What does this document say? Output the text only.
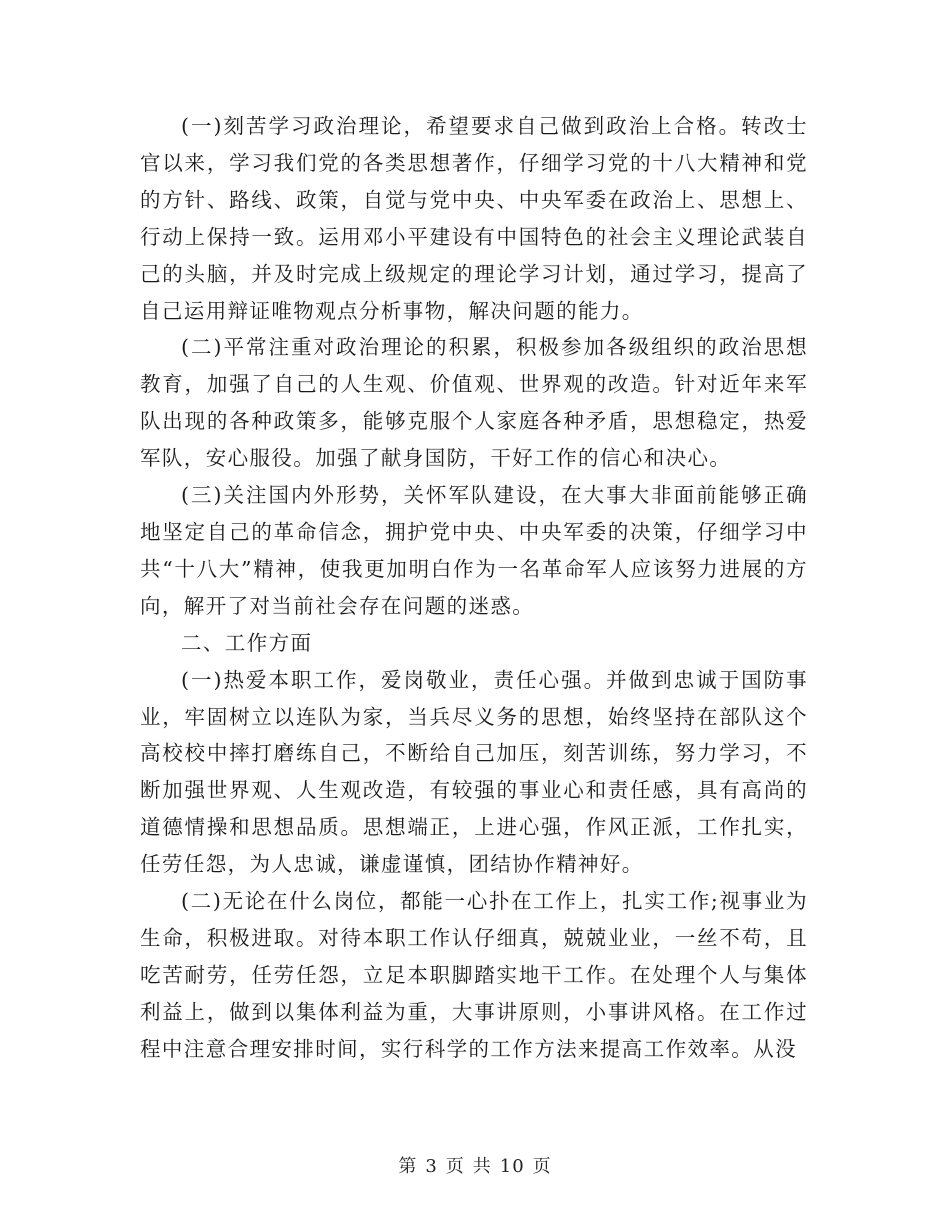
(一)刻苦学习政治理论，希望要求自己做到政治上合格。转改士官以来，学习我们党的各类思想著作，仔细学习党的十八大精神和党的方针、路线、政策，自觉与党中央、中央军委在政治上、思想上、行动上保持一致。运用邓小平建设有中国特色的社会主义理论武装自己的头脑，并及时完成上级规定的理论学习计划，通过学习，提高了自己运用辩证唯物观点分析事物，解决问题的能力。

(二)平常注重对政治理论的积累，积极参加各级组织的政治思想教育，加强了自己的人生观、价值观、世界观的改造。针对近年来军队出现的各种政策多，能够克服个人家庭各种矛盾，思想稳定，热爱军队，安心服役。加强了献身国防，干好工作的信心和决心。

(三)关注国内外形势，关怀军队建设，在大事大非面前能够正确地坚定自己的革命信念，拥护党中央、中央军委的决策，仔细学习中共“十八大”精神，使我更加明白作为一名革命军人应该努力进展的方向，解开了对当前社会存在问题的迷惑。

二、工作方面

(一)热爱本职工作，爱岗敬业，责任心强。并做到忠诚于国防事业，牢固树立以连队为家，当兵尽义务的思想，始终坚持在部队这个高校校中摔打磨练自己，不断给自己加压，刻苦训练，努力学习，不断加强世界观、人生观改造，有较强的事业心和责任感，具有高尚的道德情操和思想品质。思想端正，上进心强，作风正派，工作扎实，任劳任怨，为人忠诚，谦虚谨慎，团结协作精神好。

(二)无论在什么岗位，都能一心扑在工作上，扎实工作;视事业为生命，积极进取。对待本职工作认仔细真，兢兢业业，一丝不苟，且吃苦耐劳，任劳任怨，立足本职脚踏实地干工作。在处理个人与集体利益上，做到以集体利益为重，大事讲原则，小事讲风格。在工作过程中注意合理安排时间，实行科学的工作方法来提高工作效率。从没

第 3 页 共 10 页
